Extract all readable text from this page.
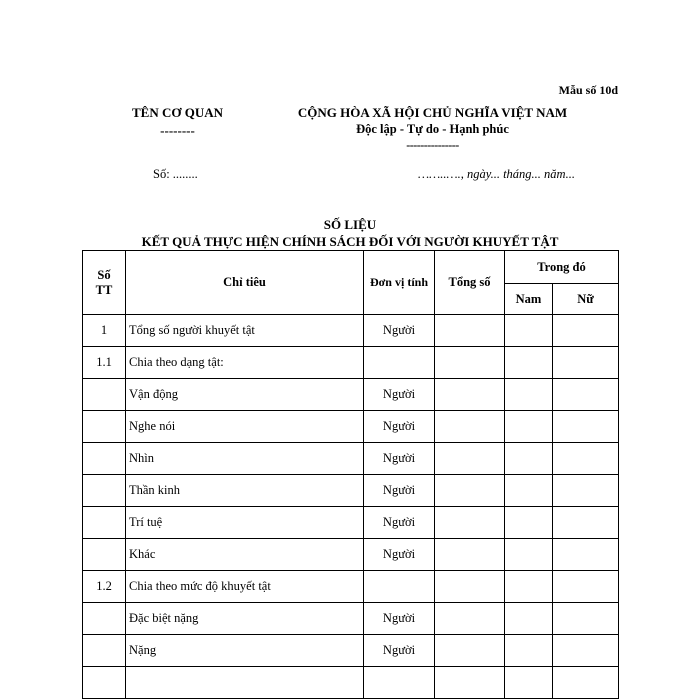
Mẫu số 10d
TÊN CƠ QUAN
--------
CỘNG HÒA XÃ HỘI CHỦ NGHĨA VIỆT NAM
Độc lập - Tự do - Hạnh phúc
---------------
Số: ........	……..…., ngày... tháng... năm...
SỐ LIỆU
KẾT QUẢ THỰC HIỆN CHÍNH SÁCH ĐỐI VỚI NGƯỜI KHUYẾT TẬT
Số TT	Chỉ tiêu	Đơn vị tính	Tổng số	Trong đó	
				Nam	Nữ
1	Tổng số người khuyết tật	Người			
1.1	Chia theo dạng tật:				
	Vận động	Người			
	Nghe nói	Người			
	Nhìn	Người			
	Thần kinh	Người			
	Trí tuệ	Người			
	Khác	Người			
1.2	Chia theo mức độ khuyết tật				
	Đặc biệt nặng	Người			
	Nặng	Người			
